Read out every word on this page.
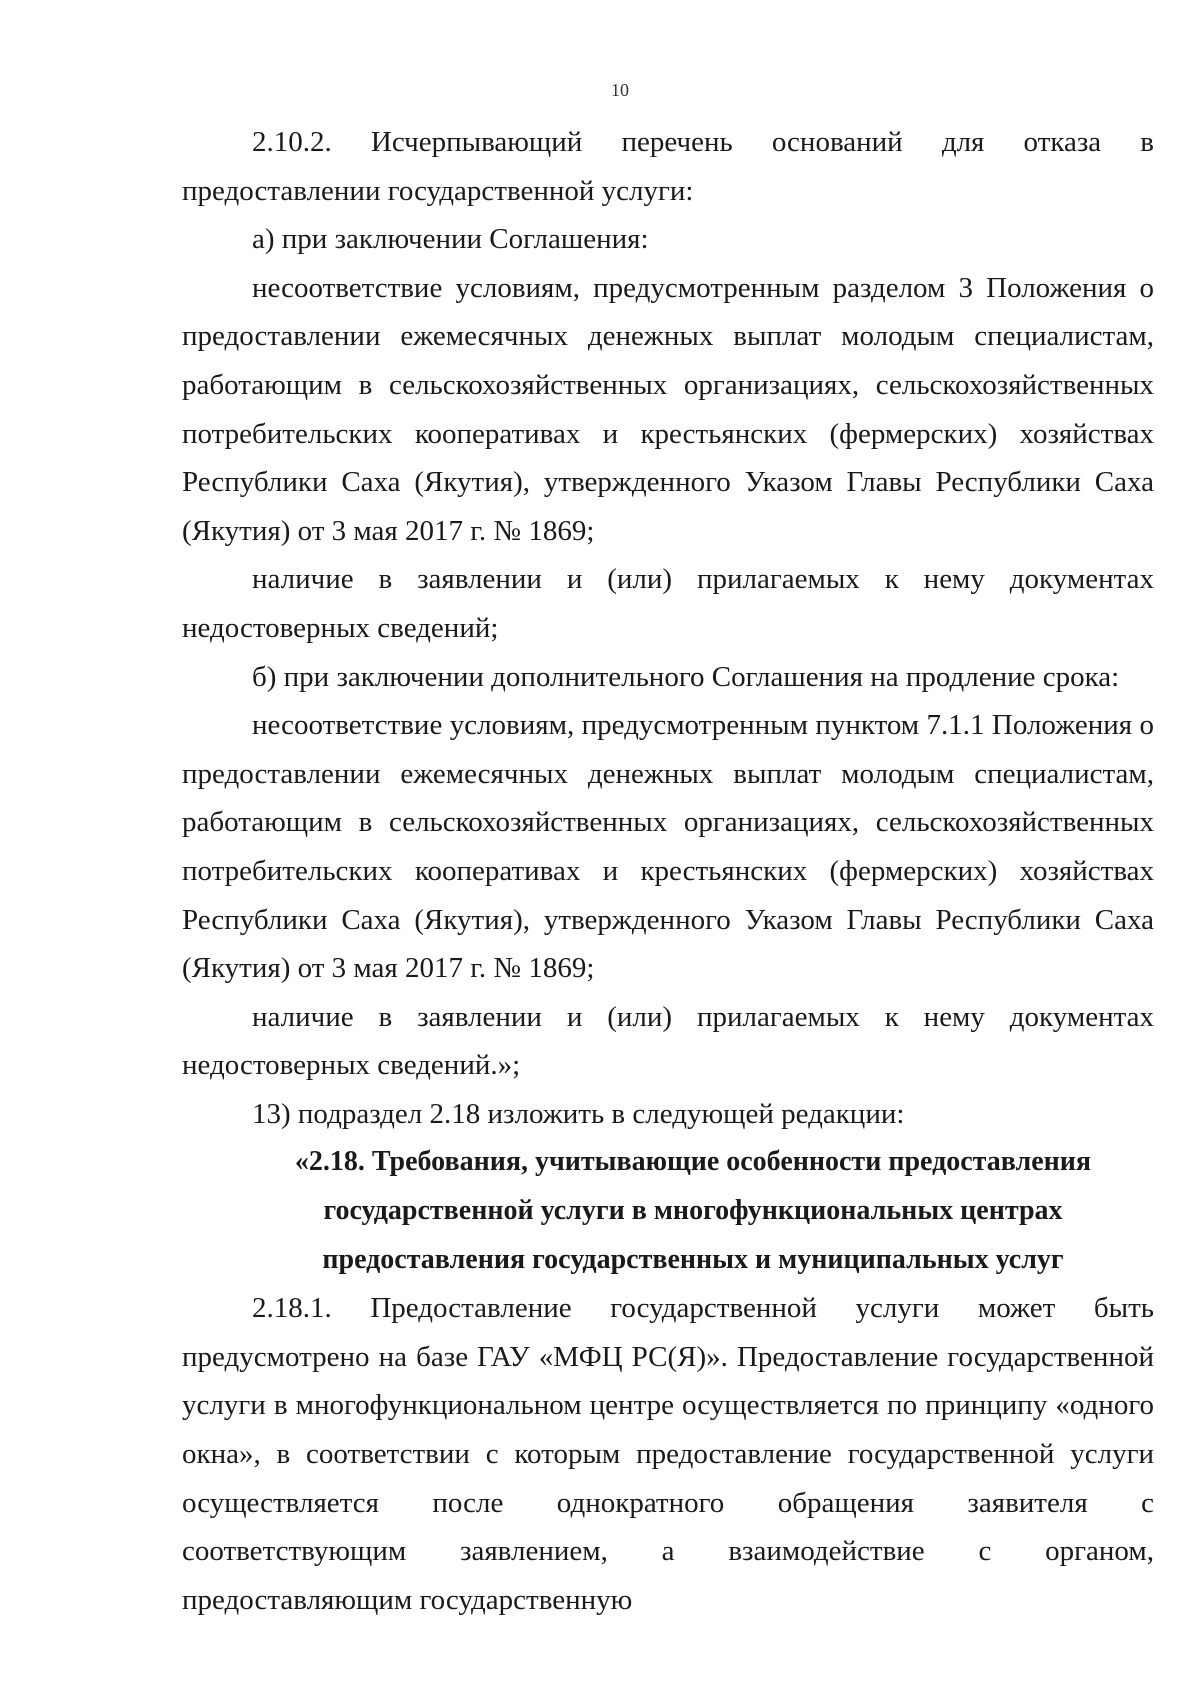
10

2.10.2. Исчерпывающий перечень оснований для отказа в предоставлении государственной услуги:

а) при заключении Соглашения:

несоответствие условиям, предусмотренным разделом 3 Положения о предоставлении ежемесячных денежных выплат молодым специалистам, работающим в сельскохозяйственных организациях, сельскохозяйственных потребительских кооперативах и крестьянских (фермерских) хозяйствах Республики Саха (Якутия), утвержденного Указом Главы Республики Саха (Якутия) от 3 мая 2017 г. № 1869;

наличие в заявлении и (или) прилагаемых к нему документах недостоверных сведений;

б) при заключении дополнительного Соглашения на продление срока:

несоответствие условиям, предусмотренным пунктом 7.1.1 Положения о предоставлении ежемесячных денежных выплат молодым специалистам, работающим в сельскохозяйственных организациях, сельскохозяйственных потребительских кооперативах и крестьянских (фермерских) хозяйствах Республики Саха (Якутия), утвержденного Указом Главы Республики Саха (Якутия) от 3 мая 2017 г. № 1869;

наличие в заявлении и (или) прилагаемых к нему документах недостоверных сведений.»;

13) подраздел 2.18 изложить в следующей редакции:

«2.18. Требования, учитывающие особенности предоставления
государственной услуги в многофункциональных центрах
предоставления государственных и муниципальных услуг

2.18.1. Предоставление государственной услуги может быть предусмотрено на базе ГАУ «МФЦ РС(Я)». Предоставление государственной услуги в многофункциональном центре осуществляется по принципу «одного окна», в соответствии с которым предоставление государственной услуги осуществляется после однократного обращения заявителя с соответствующим заявлением, а взаимодействие с органом, предоставляющим государственную
